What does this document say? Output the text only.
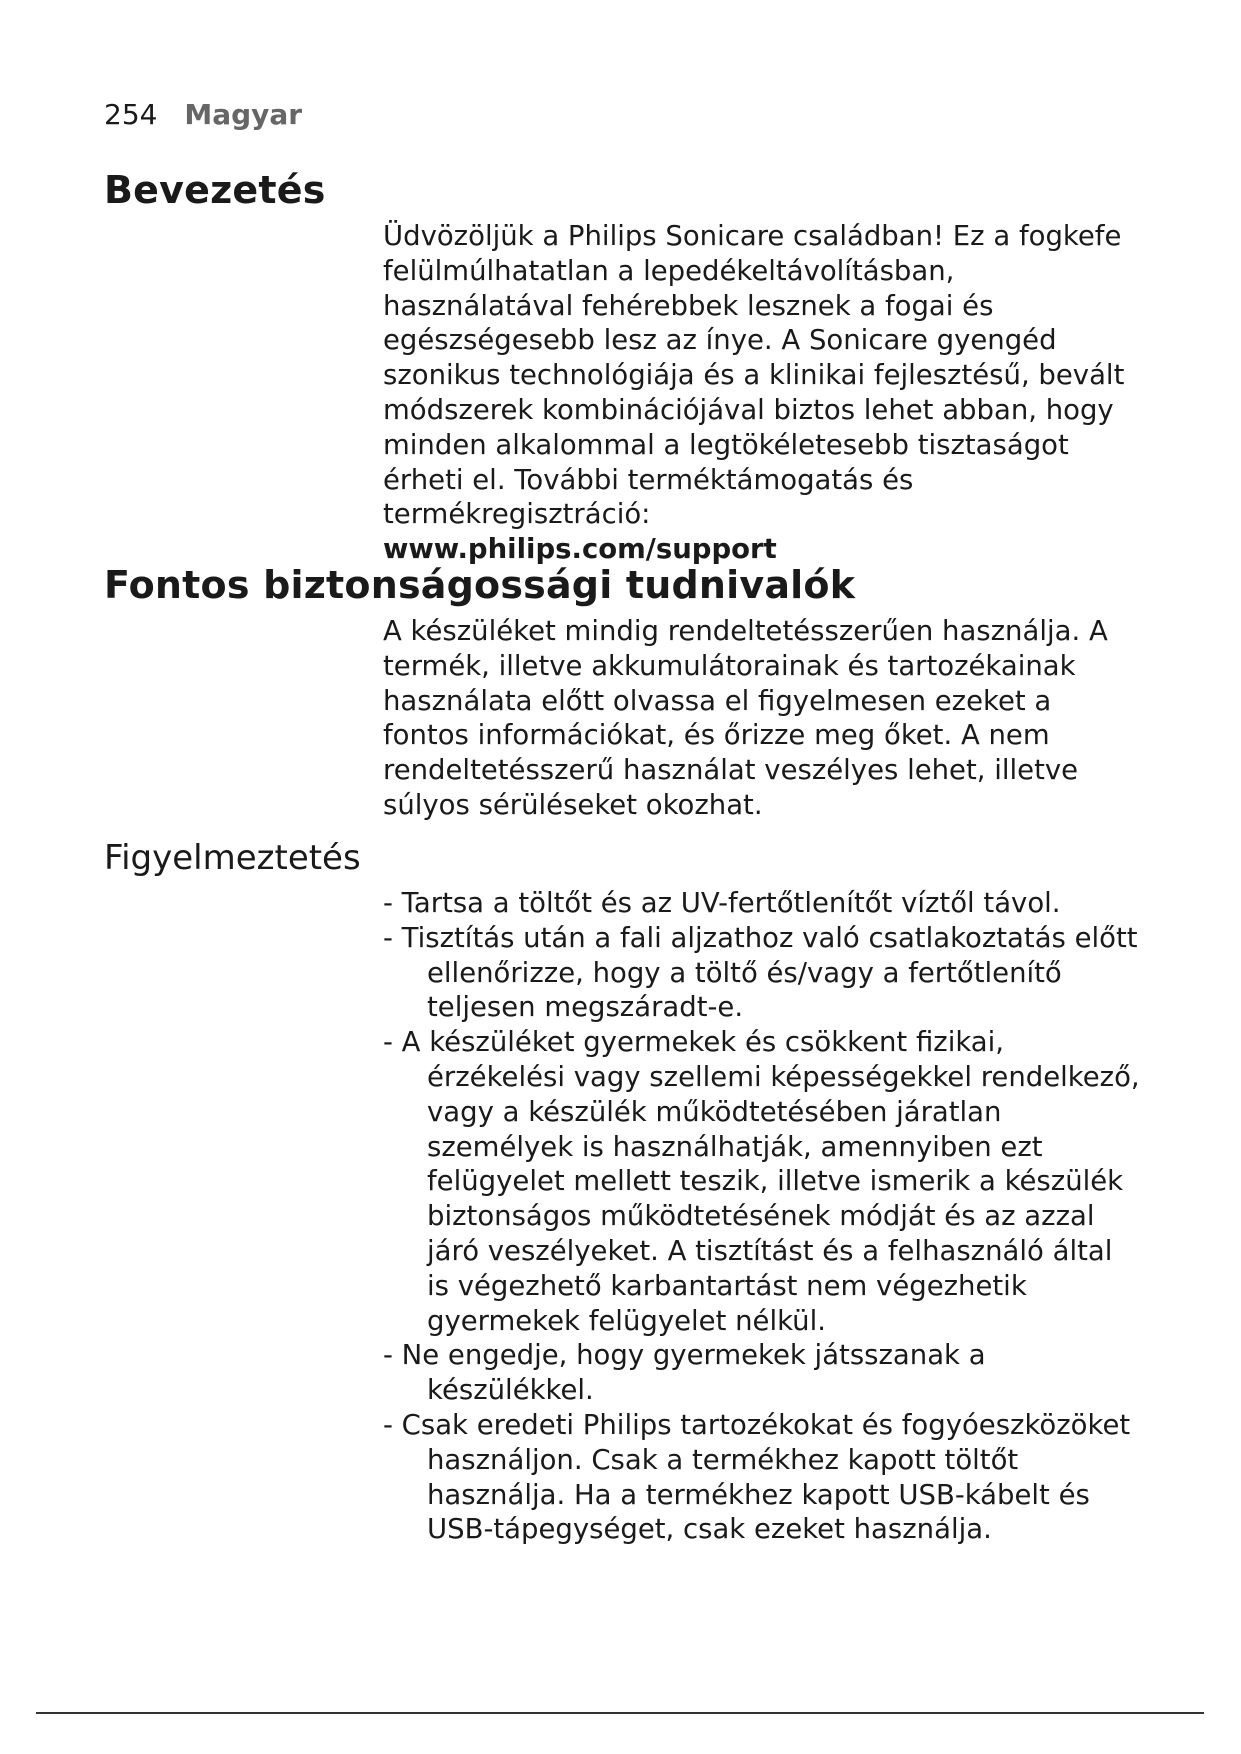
254 Magyar
Bevezetés

Üdvözöljük a Philips Sonicare családban! Ez a fogkefe felülmúlhatatlan a lepedékeltávolításban, használatával fehérebbek lesznek a fogai és egészségesebb lesz az ínye. A Sonicare gyengéd szonikus technológiája és a klinikai fejlesztésű, bevált módszerek kombinációjával biztos lehet abban, hogy minden alkalommal a legtökéletesebb tisztaságot érheti el. További terméktámogatás és termékregisztráció:

www.philips.com/support

Fontos biztonságossági tudnivalók

A készüléket mindig rendeltetésszerűen használja. A termék, illetve akkumulátorainak és tartozékainak használata előtt olvassa el figyelmesen ezeket a fontos információkat, és őrizze meg őket. A nem rendeltetésszerű használat veszélyes lehet, illetve súlyos sérüléseket okozhat.

Figyelmeztetés
- Tartsa a töltőt és az UV-fertőtlenítőt víztől távol.
- Tisztítás után a fali aljzathoz való csatlakoztatás előtt ellenőrizze, hogy a töltő és/vagy a fertőtlenítő teljesen megszáradt-e.
- A készüléket gyermekek és csökkent fizikai, érzékelési vagy szellemi képességekkel rendelkező, vagy a készülék működtetésében járatlan személyek is használhatják, amennyiben ezt felügyelet mellett teszik, illetve ismerik a készülék biztonságos működtetésének módját és az azzal járó veszélyeket. A tisztítást és a felhasználó által is végezhető karbantartást nem végezhetik gyermekek felügyelet nélkül.
- Ne engedje, hogy gyermekek játsszanak a készülékkel.
- Csak eredeti Philips tartozékokat és fogyóeszközöket használjon. Csak a termékhez kapott töltőt használja. Ha a termékhez kapott USB-kábelt és USB-tápegységet, csak ezeket használja.
